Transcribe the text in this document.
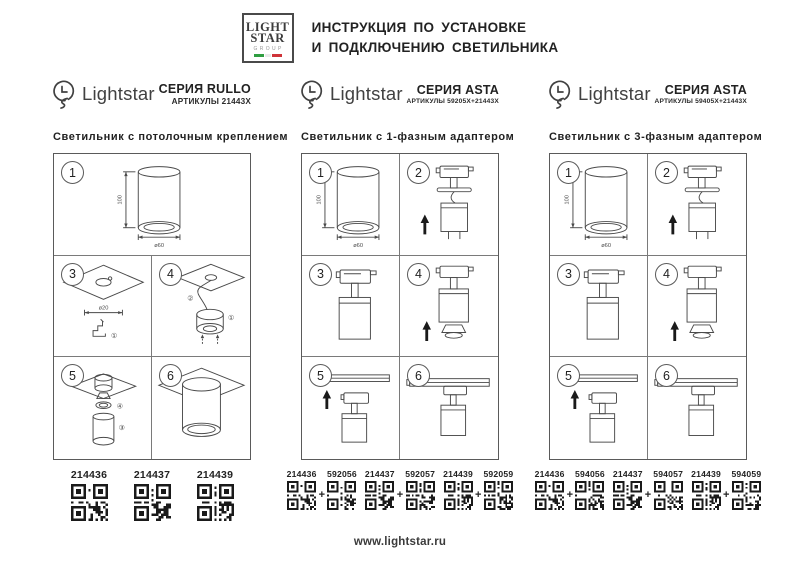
LIGHT
STAR
GROUP
ИНСТРУКЦИЯ ПО УСТАНОВКЕ
И ПОДКЛЮЧЕНИЮ СВЕТИЛЬНИКА
Lightstar СЕРИЯ RULLO
АРТИКУЛЫ 21443X
Светильник с потолочным креплением
1
100
ø60
3
ø20
①
4
②
①
5
④
③
6
214436	214437	214439
Lightstar	СЕРИЯ ASTA
АРТИКУЛЫ 59205X+21443X
Светильник с 1-фазным адаптером
1
100
ø60
2
3	4
5	6
214436
+
592056 214437
+
592057 214439
+
592059
Lightstar	СЕРИЯ ASTA
АРТИКУЛЫ 59405X+21443X
Светильник с 3-фазным адаптером
1
100
ø60
2
3	4
5	6
214436
+
594056 214437
+
594057 214439
+
594059
www.lightstar.ru
